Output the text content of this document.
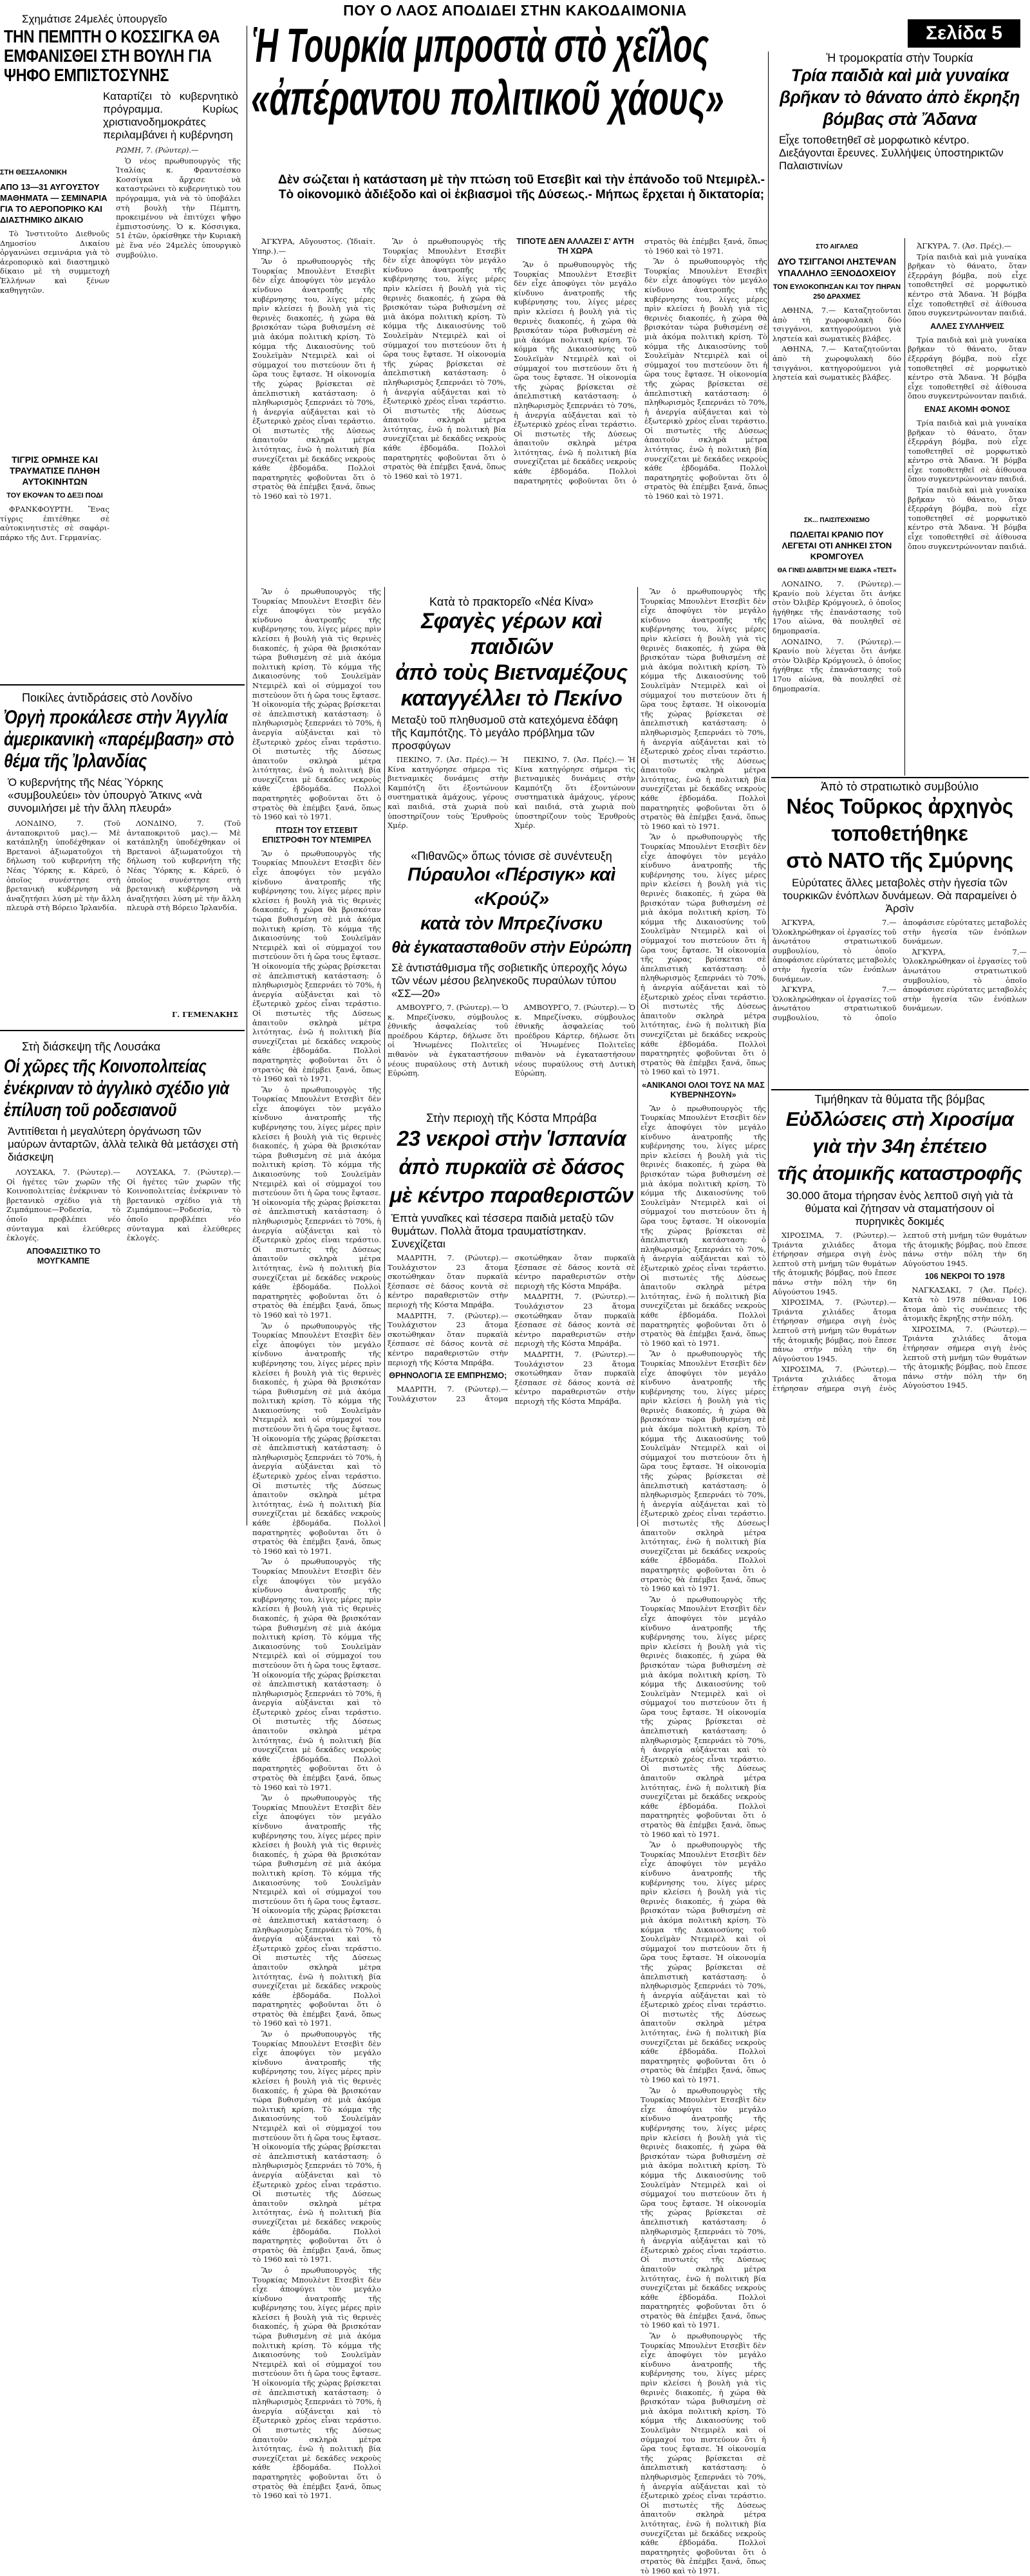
ΠΟΥ Ο ΛΑΟΣ ΑΠΟΔΙΔΕΙ ΣΤΗΝ ΚΑΚΟΔΑΙΜΟΝΙΑ
Σελίδα 5
Σχημάτισε 24μελές ὑπουργεῖο
ΤΗΝ ΠΕΜΠΤΗ Ο ΚΟΣΣΙΓΚΑ ΘΑ ΕΜΦΑΝΙΣΘΕΙ ΣΤΗ ΒΟΥΛΗ ΓΙΑ ΨΗΦΟ ΕΜΠΙΣΤΟΣΥΝΗΣ
Καταρτίζει τὸ κυβερνητικὸ πρόγραμμα. Κυρίως χριστιανοδημοκράτες περιλαμβάνει ἡ κυβέρνηση
ΡΩΜΗ, 7. (Ρώυτερ).—

Ὁ νέος πρωθυπουργὸς τῆς Ἰταλίας κ. Φραντσέσκο Κοσσίγκα ἄρχισε νὰ καταστρώνει τὸ κυβερνητικὸ του πρόγραμμα, γιὰ νὰ τὸ ὑποβάλει στὴ βουλὴ τὴν Πέμπτη, προκειμένου νὰ ἐπιτύχει ψῆφο ἐμπιστοσύνης. Ὁ κ. Κόσσιγκα, 51 ἐτῶν, ὁρκίσθηκε τὴν Κυριακὴ μὲ ἕνα νέο 24μελὲς ὑπουργικὸ συμβούλιο.

ΣΤΗ ΘΕΣΣΑΛΟΝΙΚΗ
ΑΠΟ 13—31 ΑΥΓΟΥΣΤΟΥ ΜΑΘΗΜΑΤΑ — ΣΕΜΙΝΑΡΙΑ ΓΙΑ ΤΟ ΑΕΡΟΠΟΡΙΚΟ ΚΑΙ ΔΙΑΣΤΗΜΙΚΟ ΔΙΚΑΙΟ

Τὸ Ἰνστιτοῦτο Διεθνοῦς Δημοσίου Δικαίου ὀργανώνει σεμινάρια γιὰ τὸ ἀεροπορικὸ καὶ διαστημικὸ δίκαιο μὲ τὴ συμμετοχὴ Ἑλλήνων καὶ ξένων καθηγητῶν.

ΤΙΓΡΙΣ ΟΡΜΗΣΕ ΚΑΙ ΤΡΑΥΜΑΤΙΣΕ ΠΛΗΘΗ ΑΥΤΟΚΙΝΗΤΩΝ
ΤΟΥ ΕΚΟΨΑΝ ΤΟ ΔΕΞΙ ΠΟΔΙ

ΦΡΑΝΚΦΟΥΡΤΗ. Ἕνας τίγρις ἐπιτέθηκε σὲ αὐτοκινητιστὲς σὲ σαφάρι-πάρκο τῆς Δυτ. Γερμανίας.

Ποικίλες ἀντιδράσεις στὸ Λονδίνο
Ὀργὴ προκάλεσε στὴν Ἀγγλία ἀμερικανικὴ «παρέμβαση» στὸ θέμα τῆς Ἰρλανδίας
Ὁ κυβερνήτης τῆς Νέας Ὑόρκης «συμβουλεύει» τὸν ὑπουργὸ Ἄτκινς «νὰ συνομιλήσει μὲ τὴν ἄλλη πλευρά»

ΛΟΝΔΙΝΟ, 7. (Τοῦ ἀνταποκριτοῦ μας).— Μὲ κατάπληξη ὑποδέχθηκαν οἱ Βρετανοὶ ἀξιωματοῦχοι τὴ δήλωση τοῦ κυβερνήτη τῆς Νέας Ὑόρκης κ. Κάρεϋ, ὁ ὁποῖος συνέστησε στὴ βρετανικὴ κυβέρνηση νὰ ἀναζητήσει λύση μὲ τὴν ἄλλη πλευρὰ στὴ Βόρειο Ἰρλανδία.

ΛΟΝΔΙΝΟ, 7. (Τοῦ ἀνταποκριτοῦ μας).— Μὲ κατάπληξη ὑποδέχθηκαν οἱ Βρετανοὶ ἀξιωματοῦχοι τὴ δήλωση τοῦ κυβερνήτη τῆς Νέας Ὑόρκης κ. Κάρεϋ, ὁ ὁποῖος συνέστησε στὴ βρετανικὴ κυβέρνηση νὰ ἀναζητήσει λύση μὲ τὴν ἄλλη πλευρὰ στὴ Βόρειο Ἰρλανδία.

Γ. ΓΕΜΕΝΑΚΗΣ
Στὴ διάσκεψη τῆς Λουσάκα
Οἱ χῶρες τῆς Κοινοπολιτείας ἐνέκριναν τὸ ἀγγλικὸ σχέδιο γιὰ ἐπίλυση τοῦ ροδεσιανοῦ
Ἀντιτίθεται ἡ μεγαλύτερη ὀργάνωση τῶν μαύρων ἀνταρτῶν, ἀλλὰ τελικὰ θὰ μετάσχει στὴ διάσκεψη

ΛΟΥΣΑΚΑ, 7. (Ρώυτερ).— Οἱ ἡγέτες τῶν χωρῶν τῆς Κοινοπολιτείας ἐνέκριναν τὸ βρετανικὸ σχέδιο γιὰ τὴ Ζιμπάμπουε—Ροδεσία, τὸ ὁποῖο προβλέπει νέο σύνταγμα καὶ ἐλεύθερες ἐκλογές.

ΑΠΟΦΑΣΙΣΤΙΚΟ ΤΟ ΜΟΥΓΚΑΜΠΕ

ΛΟΥΣΑΚΑ, 7. (Ρώυτερ).— Οἱ ἡγέτες τῶν χωρῶν τῆς Κοινοπολιτείας ἐνέκριναν τὸ βρετανικὸ σχέδιο γιὰ τὴ Ζιμπάμπουε—Ροδεσία, τὸ ὁποῖο προβλέπει νέο σύνταγμα καὶ ἐλεύθερες ἐκλογές.

Ἡ Τουρκία μπροστὰ στὸ χεῖλος
«ἀπέραντου πολιτικοῦ χάους»
Δὲν σώζεται ἡ κατάσταση μὲ τὴν πτώση τοῦ Ετσεβὶτ καὶ τὴν ἐπάνοδο τοῦ Ντεμιρὲλ.- Τὸ οἰκονομικὸ ἀδιέξοδο καὶ οἱ ἐκβιασμοὶ τῆς Δύσεως.- Μήπως ἔρχεται ἡ δικτατορία;

ἈΓΚΥΡΑ, Αὔγουστος. (Ἰδιαίτ. Υπηρ.).—

Ἂν ὁ πρωθυπουργὸς τῆς Τουρκίας Μπουλὲντ Ετσεβὶτ δὲν εἶχε ἀποφύγει τὸν μεγάλο κίνδυνο ἀνατροπῆς τῆς κυβέρνησης του, λίγες μέρες πρὶν κλείσει ἡ βουλὴ γιὰ τὶς θερινὲς διακοπές, ἡ χώρα θὰ βρισκόταν τώρα βυθισμένη σὲ μιὰ ἀκόμα πολιτικὴ κρίση. Τὸ κόμμα τῆς Δικαιοσύνης τοῦ Σουλεϊμὰν Ντεμιρὲλ καὶ οἱ σύμμαχοί του πιστεύουν ὅτι ἡ ὥρα τους ἔφτασε. Ἡ οἰκονομία τῆς χώρας βρίσκεται σὲ ἀπελπιστικὴ κατάσταση: ὁ πληθωρισμὸς ξεπερνάει τὸ 70%, ἡ ἀνεργία αὐξάνεται καὶ τὸ ἐξωτερικὸ χρέος εἶναι τεράστιο. Οἱ πιστωτὲς τῆς Δύσεως ἀπαιτοῦν σκληρὰ μέτρα λιτότητας, ἐνῶ ἡ πολιτικὴ βία συνεχίζεται μὲ δεκάδες νεκροὺς κάθε ἑβδομάδα. Πολλοὶ παρατηρητὲς φοβοῦνται ὅτι ὁ στρατὸς θὰ ἐπέμβει ξανά, ὅπως τὸ 1960 καὶ τὸ 1971.

Ἂν ὁ πρωθυπουργὸς τῆς Τουρκίας Μπουλὲντ Ετσεβὶτ δὲν εἶχε ἀποφύγει τὸν μεγάλο κίνδυνο ἀνατροπῆς τῆς κυβέρνησης του, λίγες μέρες πρὶν κλείσει ἡ βουλὴ γιὰ τὶς θερινὲς διακοπές, ἡ χώρα θὰ βρισκόταν τώρα βυθισμένη σὲ μιὰ ἀκόμα πολιτικὴ κρίση. Τὸ κόμμα τῆς Δικαιοσύνης τοῦ Σουλεϊμὰν Ντεμιρὲλ καὶ οἱ σύμμαχοί του πιστεύουν ὅτι ἡ ὥρα τους ἔφτασε. Ἡ οἰκονομία τῆς χώρας βρίσκεται σὲ ἀπελπιστικὴ κατάσταση: ὁ πληθωρισμὸς ξεπερνάει τὸ 70%, ἡ ἀνεργία αὐξάνεται καὶ τὸ ἐξωτερικὸ χρέος εἶναι τεράστιο. Οἱ πιστωτὲς τῆς Δύσεως ἀπαιτοῦν σκληρὰ μέτρα λιτότητας, ἐνῶ ἡ πολιτικὴ βία συνεχίζεται μὲ δεκάδες νεκροὺς κάθε ἑβδομάδα. Πολλοὶ παρατηρητὲς φοβοῦνται ὅτι ὁ στρατὸς θὰ ἐπέμβει ξανά, ὅπως τὸ 1960 καὶ τὸ 1971.

ΤΙΠΟΤΕ ΔΕΝ ΑΛΛΑΖΕΙ Σ' ΑΥΤΗ ΤΗ ΧΩΡΑ

Ἂν ὁ πρωθυπουργὸς τῆς Τουρκίας Μπουλὲντ Ετσεβὶτ δὲν εἶχε ἀποφύγει τὸν μεγάλο κίνδυνο ἀνατροπῆς τῆς κυβέρνησης του, λίγες μέρες πρὶν κλείσει ἡ βουλὴ γιὰ τὶς θερινὲς διακοπές, ἡ χώρα θὰ βρισκόταν τώρα βυθισμένη σὲ μιὰ ἀκόμα πολιτικὴ κρίση. Τὸ κόμμα τῆς Δικαιοσύνης τοῦ Σουλεϊμὰν Ντεμιρὲλ καὶ οἱ σύμμαχοί του πιστεύουν ὅτι ἡ ὥρα τους ἔφτασε. Ἡ οἰκονομία τῆς χώρας βρίσκεται σὲ ἀπελπιστικὴ κατάσταση: ὁ πληθωρισμὸς ξεπερνάει τὸ 70%, ἡ ἀνεργία αὐξάνεται καὶ τὸ ἐξωτερικὸ χρέος εἶναι τεράστιο. Οἱ πιστωτὲς τῆς Δύσεως ἀπαιτοῦν σκληρὰ μέτρα λιτότητας, ἐνῶ ἡ πολιτικὴ βία συνεχίζεται μὲ δεκάδες νεκροὺς κάθε ἑβδομάδα. Πολλοὶ παρατηρητὲς φοβοῦνται ὅτι ὁ στρατὸς θὰ ἐπέμβει ξανά, ὅπως τὸ 1960 καὶ τὸ 1971.

Ἂν ὁ πρωθυπουργὸς τῆς Τουρκίας Μπουλὲντ Ετσεβὶτ δὲν εἶχε ἀποφύγει τὸν μεγάλο κίνδυνο ἀνατροπῆς τῆς κυβέρνησης του, λίγες μέρες πρὶν κλείσει ἡ βουλὴ γιὰ τὶς θερινὲς διακοπές, ἡ χώρα θὰ βρισκόταν τώρα βυθισμένη σὲ μιὰ ἀκόμα πολιτικὴ κρίση. Τὸ κόμμα τῆς Δικαιοσύνης τοῦ Σουλεϊμὰν Ντεμιρὲλ καὶ οἱ σύμμαχοί του πιστεύουν ὅτι ἡ ὥρα τους ἔφτασε. Ἡ οἰκονομία τῆς χώρας βρίσκεται σὲ ἀπελπιστικὴ κατάσταση: ὁ πληθωρισμὸς ξεπερνάει τὸ 70%, ἡ ἀνεργία αὐξάνεται καὶ τὸ ἐξωτερικὸ χρέος εἶναι τεράστιο. Οἱ πιστωτὲς τῆς Δύσεως ἀπαιτοῦν σκληρὰ μέτρα λιτότητας, ἐνῶ ἡ πολιτικὴ βία συνεχίζεται μὲ δεκάδες νεκροὺς κάθε ἑβδομάδα. Πολλοὶ παρατηρητὲς φοβοῦνται ὅτι ὁ στρατὸς θὰ ἐπέμβει ξανά, ὅπως τὸ 1960 καὶ τὸ 1971.

Ἂν ὁ πρωθυπουργὸς τῆς Τουρκίας Μπουλὲντ Ετσεβὶτ δὲν εἶχε ἀποφύγει τὸν μεγάλο κίνδυνο ἀνατροπῆς τῆς κυβέρνησης του, λίγες μέρες πρὶν κλείσει ἡ βουλὴ γιὰ τὶς θερινὲς διακοπές, ἡ χώρα θὰ βρισκόταν τώρα βυθισμένη σὲ μιὰ ἀκόμα πολιτικὴ κρίση. Τὸ κόμμα τῆς Δικαιοσύνης τοῦ Σουλεϊμὰν Ντεμιρὲλ καὶ οἱ σύμμαχοί του πιστεύουν ὅτι ἡ ὥρα τους ἔφτασε. Ἡ οἰκονομία τῆς χώρας βρίσκεται σὲ ἀπελπιστικὴ κατάσταση: ὁ πληθωρισμὸς ξεπερνάει τὸ 70%, ἡ ἀνεργία αὐξάνεται καὶ τὸ ἐξωτερικὸ χρέος εἶναι τεράστιο. Οἱ πιστωτὲς τῆς Δύσεως ἀπαιτοῦν σκληρὰ μέτρα λιτότητας, ἐνῶ ἡ πολιτικὴ βία συνεχίζεται μὲ δεκάδες νεκροὺς κάθε ἑβδομάδα. Πολλοὶ παρατηρητὲς φοβοῦνται ὅτι ὁ στρατὸς θὰ ἐπέμβει ξανά, ὅπως τὸ 1960 καὶ τὸ 1971.

ΠΤΩΣΗ ΤΟΥ ΕΤΣΕΒΙΤ ΕΠΙΣΤΡΟΦΗ ΤΟΥ ΝΤΕΜΙΡΕΛ

Ἂν ὁ πρωθυπουργὸς τῆς Τουρκίας Μπουλὲντ Ετσεβὶτ δὲν εἶχε ἀποφύγει τὸν μεγάλο κίνδυνο ἀνατροπῆς τῆς κυβέρνησης του, λίγες μέρες πρὶν κλείσει ἡ βουλὴ γιὰ τὶς θερινὲς διακοπές, ἡ χώρα θὰ βρισκόταν τώρα βυθισμένη σὲ μιὰ ἀκόμα πολιτικὴ κρίση. Τὸ κόμμα τῆς Δικαιοσύνης τοῦ Σουλεϊμὰν Ντεμιρὲλ καὶ οἱ σύμμαχοί του πιστεύουν ὅτι ἡ ὥρα τους ἔφτασε. Ἡ οἰκονομία τῆς χώρας βρίσκεται σὲ ἀπελπιστικὴ κατάσταση: ὁ πληθωρισμὸς ξεπερνάει τὸ 70%, ἡ ἀνεργία αὐξάνεται καὶ τὸ ἐξωτερικὸ χρέος εἶναι τεράστιο. Οἱ πιστωτὲς τῆς Δύσεως ἀπαιτοῦν σκληρὰ μέτρα λιτότητας, ἐνῶ ἡ πολιτικὴ βία συνεχίζεται μὲ δεκάδες νεκροὺς κάθε ἑβδομάδα. Πολλοὶ παρατηρητὲς φοβοῦνται ὅτι ὁ στρατὸς θὰ ἐπέμβει ξανά, ὅπως τὸ 1960 καὶ τὸ 1971.

Ἂν ὁ πρωθυπουργὸς τῆς Τουρκίας Μπουλὲντ Ετσεβὶτ δὲν εἶχε ἀποφύγει τὸν μεγάλο κίνδυνο ἀνατροπῆς τῆς κυβέρνησης του, λίγες μέρες πρὶν κλείσει ἡ βουλὴ γιὰ τὶς θερινὲς διακοπές, ἡ χώρα θὰ βρισκόταν τώρα βυθισμένη σὲ μιὰ ἀκόμα πολιτικὴ κρίση. Τὸ κόμμα τῆς Δικαιοσύνης τοῦ Σουλεϊμὰν Ντεμιρὲλ καὶ οἱ σύμμαχοί του πιστεύουν ὅτι ἡ ὥρα τους ἔφτασε. Ἡ οἰκονομία τῆς χώρας βρίσκεται σὲ ἀπελπιστικὴ κατάσταση: ὁ πληθωρισμὸς ξεπερνάει τὸ 70%, ἡ ἀνεργία αὐξάνεται καὶ τὸ ἐξωτερικὸ χρέος εἶναι τεράστιο. Οἱ πιστωτὲς τῆς Δύσεως ἀπαιτοῦν σκληρὰ μέτρα λιτότητας, ἐνῶ ἡ πολιτικὴ βία συνεχίζεται μὲ δεκάδες νεκροὺς κάθε ἑβδομάδα. Πολλοὶ παρατηρητὲς φοβοῦνται ὅτι ὁ στρατὸς θὰ ἐπέμβει ξανά, ὅπως τὸ 1960 καὶ τὸ 1971.

Ἂν ὁ πρωθυπουργὸς τῆς Τουρκίας Μπουλὲντ Ετσεβὶτ δὲν εἶχε ἀποφύγει τὸν μεγάλο κίνδυνο ἀνατροπῆς τῆς κυβέρνησης του, λίγες μέρες πρὶν κλείσει ἡ βουλὴ γιὰ τὶς θερινὲς διακοπές, ἡ χώρα θὰ βρισκόταν τώρα βυθισμένη σὲ μιὰ ἀκόμα πολιτικὴ κρίση. Τὸ κόμμα τῆς Δικαιοσύνης τοῦ Σουλεϊμὰν Ντεμιρὲλ καὶ οἱ σύμμαχοί του πιστεύουν ὅτι ἡ ὥρα τους ἔφτασε. Ἡ οἰκονομία τῆς χώρας βρίσκεται σὲ ἀπελπιστικὴ κατάσταση: ὁ πληθωρισμὸς ξεπερνάει τὸ 70%, ἡ ἀνεργία αὐξάνεται καὶ τὸ ἐξωτερικὸ χρέος εἶναι τεράστιο. Οἱ πιστωτὲς τῆς Δύσεως ἀπαιτοῦν σκληρὰ μέτρα λιτότητας, ἐνῶ ἡ πολιτικὴ βία συνεχίζεται μὲ δεκάδες νεκροὺς κάθε ἑβδομάδα. Πολλοὶ παρατηρητὲς φοβοῦνται ὅτι ὁ στρατὸς θὰ ἐπέμβει ξανά, ὅπως τὸ 1960 καὶ τὸ 1971.

Ἂν ὁ πρωθυπουργὸς τῆς Τουρκίας Μπουλὲντ Ετσεβὶτ δὲν εἶχε ἀποφύγει τὸν μεγάλο κίνδυνο ἀνατροπῆς τῆς κυβέρνησης του, λίγες μέρες πρὶν κλείσει ἡ βουλὴ γιὰ τὶς θερινὲς διακοπές, ἡ χώρα θὰ βρισκόταν τώρα βυθισμένη σὲ μιὰ ἀκόμα πολιτικὴ κρίση. Τὸ κόμμα τῆς Δικαιοσύνης τοῦ Σουλεϊμὰν Ντεμιρὲλ καὶ οἱ σύμμαχοί του πιστεύουν ὅτι ἡ ὥρα τους ἔφτασε. Ἡ οἰκονομία τῆς χώρας βρίσκεται σὲ ἀπελπιστικὴ κατάσταση: ὁ πληθωρισμὸς ξεπερνάει τὸ 70%, ἡ ἀνεργία αὐξάνεται καὶ τὸ ἐξωτερικὸ χρέος εἶναι τεράστιο. Οἱ πιστωτὲς τῆς Δύσεως ἀπαιτοῦν σκληρὰ μέτρα λιτότητας, ἐνῶ ἡ πολιτικὴ βία συνεχίζεται μὲ δεκάδες νεκροὺς κάθε ἑβδομάδα. Πολλοὶ παρατηρητὲς φοβοῦνται ὅτι ὁ στρατὸς θὰ ἐπέμβει ξανά, ὅπως τὸ 1960 καὶ τὸ 1971.

Ἂν ὁ πρωθυπουργὸς τῆς Τουρκίας Μπουλὲντ Ετσεβὶτ δὲν εἶχε ἀποφύγει τὸν μεγάλο κίνδυνο ἀνατροπῆς τῆς κυβέρνησης του, λίγες μέρες πρὶν κλείσει ἡ βουλὴ γιὰ τὶς θερινὲς διακοπές, ἡ χώρα θὰ βρισκόταν τώρα βυθισμένη σὲ μιὰ ἀκόμα πολιτικὴ κρίση. Τὸ κόμμα τῆς Δικαιοσύνης τοῦ Σουλεϊμὰν Ντεμιρὲλ καὶ οἱ σύμμαχοί του πιστεύουν ὅτι ἡ ὥρα τους ἔφτασε. Ἡ οἰκονομία τῆς χώρας βρίσκεται σὲ ἀπελπιστικὴ κατάσταση: ὁ πληθωρισμὸς ξεπερνάει τὸ 70%, ἡ ἀνεργία αὐξάνεται καὶ τὸ ἐξωτερικὸ χρέος εἶναι τεράστιο. Οἱ πιστωτὲς τῆς Δύσεως ἀπαιτοῦν σκληρὰ μέτρα λιτότητας, ἐνῶ ἡ πολιτικὴ βία συνεχίζεται μὲ δεκάδες νεκροὺς κάθε ἑβδομάδα. Πολλοὶ παρατηρητὲς φοβοῦνται ὅτι ὁ στρατὸς θὰ ἐπέμβει ξανά, ὅπως τὸ 1960 καὶ τὸ 1971.

Ἂν ὁ πρωθυπουργὸς τῆς Τουρκίας Μπουλὲντ Ετσεβὶτ δὲν εἶχε ἀποφύγει τὸν μεγάλο κίνδυνο ἀνατροπῆς τῆς κυβέρνησης του, λίγες μέρες πρὶν κλείσει ἡ βουλὴ γιὰ τὶς θερινὲς διακοπές, ἡ χώρα θὰ βρισκόταν τώρα βυθισμένη σὲ μιὰ ἀκόμα πολιτικὴ κρίση. Τὸ κόμμα τῆς Δικαιοσύνης τοῦ Σουλεϊμὰν Ντεμιρὲλ καὶ οἱ σύμμαχοί του πιστεύουν ὅτι ἡ ὥρα τους ἔφτασε. Ἡ οἰκονομία τῆς χώρας βρίσκεται σὲ ἀπελπιστικὴ κατάσταση: ὁ πληθωρισμὸς ξεπερνάει τὸ 70%, ἡ ἀνεργία αὐξάνεται καὶ τὸ ἐξωτερικὸ χρέος εἶναι τεράστιο. Οἱ πιστωτὲς τῆς Δύσεως ἀπαιτοῦν σκληρὰ μέτρα λιτότητας, ἐνῶ ἡ πολιτικὴ βία συνεχίζεται μὲ δεκάδες νεκροὺς κάθε ἑβδομάδα. Πολλοὶ παρατηρητὲς φοβοῦνται ὅτι ὁ στρατὸς θὰ ἐπέμβει ξανά, ὅπως τὸ 1960 καὶ τὸ 1971.

Ἂν ὁ πρωθυπουργὸς τῆς Τουρκίας Μπουλὲντ Ετσεβὶτ δὲν εἶχε ἀποφύγει τὸν μεγάλο κίνδυνο ἀνατροπῆς τῆς κυβέρνησης του, λίγες μέρες πρὶν κλείσει ἡ βουλὴ γιὰ τὶς θερινὲς διακοπές, ἡ χώρα θὰ βρισκόταν τώρα βυθισμένη σὲ μιὰ ἀκόμα πολιτικὴ κρίση. Τὸ κόμμα τῆς Δικαιοσύνης τοῦ Σουλεϊμὰν Ντεμιρὲλ καὶ οἱ σύμμαχοί του πιστεύουν ὅτι ἡ ὥρα τους ἔφτασε. Ἡ οἰκονομία τῆς χώρας βρίσκεται σὲ ἀπελπιστικὴ κατάσταση: ὁ πληθωρισμὸς ξεπερνάει τὸ 70%, ἡ ἀνεργία αὐξάνεται καὶ τὸ ἐξωτερικὸ χρέος εἶναι τεράστιο. Οἱ πιστωτὲς τῆς Δύσεως ἀπαιτοῦν σκληρὰ μέτρα λιτότητας, ἐνῶ ἡ πολιτικὴ βία συνεχίζεται μὲ δεκάδες νεκροὺς κάθε ἑβδομάδα. Πολλοὶ παρατηρητὲς φοβοῦνται ὅτι ὁ στρατὸς θὰ ἐπέμβει ξανά, ὅπως τὸ 1960 καὶ τὸ 1971.

Ἂν ὁ πρωθυπουργὸς τῆς Τουρκίας Μπουλὲντ Ετσεβὶτ δὲν εἶχε ἀποφύγει τὸν μεγάλο κίνδυνο ἀνατροπῆς τῆς κυβέρνησης του, λίγες μέρες πρὶν κλείσει ἡ βουλὴ γιὰ τὶς θερινὲς διακοπές, ἡ χώρα θὰ βρισκόταν τώρα βυθισμένη σὲ μιὰ ἀκόμα πολιτικὴ κρίση. Τὸ κόμμα τῆς Δικαιοσύνης τοῦ Σουλεϊμὰν Ντεμιρὲλ καὶ οἱ σύμμαχοί του πιστεύουν ὅτι ἡ ὥρα τους ἔφτασε. Ἡ οἰκονομία τῆς χώρας βρίσκεται σὲ ἀπελπιστικὴ κατάσταση: ὁ πληθωρισμὸς ξεπερνάει τὸ 70%, ἡ ἀνεργία αὐξάνεται καὶ τὸ ἐξωτερικὸ χρέος εἶναι τεράστιο. Οἱ πιστωτὲς τῆς Δύσεως ἀπαιτοῦν σκληρὰ μέτρα λιτότητας, ἐνῶ ἡ πολιτικὴ βία συνεχίζεται μὲ δεκάδες νεκροὺς κάθε ἑβδομάδα. Πολλοὶ παρατηρητὲς φοβοῦνται ὅτι ὁ στρατὸς θὰ ἐπέμβει ξανά, ὅπως τὸ 1960 καὶ τὸ 1971.

Ἂν ὁ πρωθυπουργὸς τῆς Τουρκίας Μπουλὲντ Ετσεβὶτ δὲν εἶχε ἀποφύγει τὸν μεγάλο κίνδυνο ἀνατροπῆς τῆς κυβέρνησης του, λίγες μέρες πρὶν κλείσει ἡ βουλὴ γιὰ τὶς θερινὲς διακοπές, ἡ χώρα θὰ βρισκόταν τώρα βυθισμένη σὲ μιὰ ἀκόμα πολιτικὴ κρίση. Τὸ κόμμα τῆς Δικαιοσύνης τοῦ Σουλεϊμὰν Ντεμιρὲλ καὶ οἱ σύμμαχοί του πιστεύουν ὅτι ἡ ὥρα τους ἔφτασε. Ἡ οἰκονομία τῆς χώρας βρίσκεται σὲ ἀπελπιστικὴ κατάσταση: ὁ πληθωρισμὸς ξεπερνάει τὸ 70%, ἡ ἀνεργία αὐξάνεται καὶ τὸ ἐξωτερικὸ χρέος εἶναι τεράστιο. Οἱ πιστωτὲς τῆς Δύσεως ἀπαιτοῦν σκληρὰ μέτρα λιτότητας, ἐνῶ ἡ πολιτικὴ βία συνεχίζεται μὲ δεκάδες νεκροὺς κάθε ἑβδομάδα. Πολλοὶ παρατηρητὲς φοβοῦνται ὅτι ὁ στρατὸς θὰ ἐπέμβει ξανά, ὅπως τὸ 1960 καὶ τὸ 1971.

«ΑΝΙΚΑΝΟΙ ΟΛΟΙ ΤΟΥΣ ΝΑ ΜΑΣ ΚΥΒΕΡΝΗΣΟΥΝ»

Ἂν ὁ πρωθυπουργὸς τῆς Τουρκίας Μπουλὲντ Ετσεβὶτ δὲν εἶχε ἀποφύγει τὸν μεγάλο κίνδυνο ἀνατροπῆς τῆς κυβέρνησης του, λίγες μέρες πρὶν κλείσει ἡ βουλὴ γιὰ τὶς θερινὲς διακοπές, ἡ χώρα θὰ βρισκόταν τώρα βυθισμένη σὲ μιὰ ἀκόμα πολιτικὴ κρίση. Τὸ κόμμα τῆς Δικαιοσύνης τοῦ Σουλεϊμὰν Ντεμιρὲλ καὶ οἱ σύμμαχοί του πιστεύουν ὅτι ἡ ὥρα τους ἔφτασε. Ἡ οἰκονομία τῆς χώρας βρίσκεται σὲ ἀπελπιστικὴ κατάσταση: ὁ πληθωρισμὸς ξεπερνάει τὸ 70%, ἡ ἀνεργία αὐξάνεται καὶ τὸ ἐξωτερικὸ χρέος εἶναι τεράστιο. Οἱ πιστωτὲς τῆς Δύσεως ἀπαιτοῦν σκληρὰ μέτρα λιτότητας, ἐνῶ ἡ πολιτικὴ βία συνεχίζεται μὲ δεκάδες νεκροὺς κάθε ἑβδομάδα. Πολλοὶ παρατηρητὲς φοβοῦνται ὅτι ὁ στρατὸς θὰ ἐπέμβει ξανά, ὅπως τὸ 1960 καὶ τὸ 1971.

Ἂν ὁ πρωθυπουργὸς τῆς Τουρκίας Μπουλὲντ Ετσεβὶτ δὲν εἶχε ἀποφύγει τὸν μεγάλο κίνδυνο ἀνατροπῆς τῆς κυβέρνησης του, λίγες μέρες πρὶν κλείσει ἡ βουλὴ γιὰ τὶς θερινὲς διακοπές, ἡ χώρα θὰ βρισκόταν τώρα βυθισμένη σὲ μιὰ ἀκόμα πολιτικὴ κρίση. Τὸ κόμμα τῆς Δικαιοσύνης τοῦ Σουλεϊμὰν Ντεμιρὲλ καὶ οἱ σύμμαχοί του πιστεύουν ὅτι ἡ ὥρα τους ἔφτασε. Ἡ οἰκονομία τῆς χώρας βρίσκεται σὲ ἀπελπιστικὴ κατάσταση: ὁ πληθωρισμὸς ξεπερνάει τὸ 70%, ἡ ἀνεργία αὐξάνεται καὶ τὸ ἐξωτερικὸ χρέος εἶναι τεράστιο. Οἱ πιστωτὲς τῆς Δύσεως ἀπαιτοῦν σκληρὰ μέτρα λιτότητας, ἐνῶ ἡ πολιτικὴ βία συνεχίζεται μὲ δεκάδες νεκροὺς κάθε ἑβδομάδα. Πολλοὶ παρατηρητὲς φοβοῦνται ὅτι ὁ στρατὸς θὰ ἐπέμβει ξανά, ὅπως τὸ 1960 καὶ τὸ 1971.

Ἂν ὁ πρωθυπουργὸς τῆς Τουρκίας Μπουλὲντ Ετσεβὶτ δὲν εἶχε ἀποφύγει τὸν μεγάλο κίνδυνο ἀνατροπῆς τῆς κυβέρνησης του, λίγες μέρες πρὶν κλείσει ἡ βουλὴ γιὰ τὶς θερινὲς διακοπές, ἡ χώρα θὰ βρισκόταν τώρα βυθισμένη σὲ μιὰ ἀκόμα πολιτικὴ κρίση. Τὸ κόμμα τῆς Δικαιοσύνης τοῦ Σουλεϊμὰν Ντεμιρὲλ καὶ οἱ σύμμαχοί του πιστεύουν ὅτι ἡ ὥρα τους ἔφτασε. Ἡ οἰκονομία τῆς χώρας βρίσκεται σὲ ἀπελπιστικὴ κατάσταση: ὁ πληθωρισμὸς ξεπερνάει τὸ 70%, ἡ ἀνεργία αὐξάνεται καὶ τὸ ἐξωτερικὸ χρέος εἶναι τεράστιο. Οἱ πιστωτὲς τῆς Δύσεως ἀπαιτοῦν σκληρὰ μέτρα λιτότητας, ἐνῶ ἡ πολιτικὴ βία συνεχίζεται μὲ δεκάδες νεκροὺς κάθε ἑβδομάδα. Πολλοὶ παρατηρητὲς φοβοῦνται ὅτι ὁ στρατὸς θὰ ἐπέμβει ξανά, ὅπως τὸ 1960 καὶ τὸ 1971.

Ἂν ὁ πρωθυπουργὸς τῆς Τουρκίας Μπουλὲντ Ετσεβὶτ δὲν εἶχε ἀποφύγει τὸν μεγάλο κίνδυνο ἀνατροπῆς τῆς κυβέρνησης του, λίγες μέρες πρὶν κλείσει ἡ βουλὴ γιὰ τὶς θερινὲς διακοπές, ἡ χώρα θὰ βρισκόταν τώρα βυθισμένη σὲ μιὰ ἀκόμα πολιτικὴ κρίση. Τὸ κόμμα τῆς Δικαιοσύνης τοῦ Σουλεϊμὰν Ντεμιρὲλ καὶ οἱ σύμμαχοί του πιστεύουν ὅτι ἡ ὥρα τους ἔφτασε. Ἡ οἰκονομία τῆς χώρας βρίσκεται σὲ ἀπελπιστικὴ κατάσταση: ὁ πληθωρισμὸς ξεπερνάει τὸ 70%, ἡ ἀνεργία αὐξάνεται καὶ τὸ ἐξωτερικὸ χρέος εἶναι τεράστιο. Οἱ πιστωτὲς τῆς Δύσεως ἀπαιτοῦν σκληρὰ μέτρα λιτότητας, ἐνῶ ἡ πολιτικὴ βία συνεχίζεται μὲ δεκάδες νεκροὺς κάθε ἑβδομάδα. Πολλοὶ παρατηρητὲς φοβοῦνται ὅτι ὁ στρατὸς θὰ ἐπέμβει ξανά, ὅπως τὸ 1960 καὶ τὸ 1971.

Ἂν ὁ πρωθυπουργὸς τῆς Τουρκίας Μπουλὲντ Ετσεβὶτ δὲν εἶχε ἀποφύγει τὸν μεγάλο κίνδυνο ἀνατροπῆς τῆς κυβέρνησης του, λίγες μέρες πρὶν κλείσει ἡ βουλὴ γιὰ τὶς θερινὲς διακοπές, ἡ χώρα θὰ βρισκόταν τώρα βυθισμένη σὲ μιὰ ἀκόμα πολιτικὴ κρίση. Τὸ κόμμα τῆς Δικαιοσύνης τοῦ Σουλεϊμὰν Ντεμιρὲλ καὶ οἱ σύμμαχοί του πιστεύουν ὅτι ἡ ὥρα τους ἔφτασε. Ἡ οἰκονομία τῆς χώρας βρίσκεται σὲ ἀπελπιστικὴ κατάσταση: ὁ πληθωρισμὸς ξεπερνάει τὸ 70%, ἡ ἀνεργία αὐξάνεται καὶ τὸ ἐξωτερικὸ χρέος εἶναι τεράστιο. Οἱ πιστωτὲς τῆς Δύσεως ἀπαιτοῦν σκληρὰ μέτρα λιτότητας, ἐνῶ ἡ πολιτικὴ βία συνεχίζεται μὲ δεκάδες νεκροὺς κάθε ἑβδομάδα. Πολλοὶ παρατηρητὲς φοβοῦνται ὅτι ὁ στρατὸς θὰ ἐπέμβει ξανά, ὅπως τὸ 1960 καὶ τὸ 1971.

Ἂν ὁ πρωθυπουργὸς τῆς Τουρκίας Μπουλὲντ Ετσεβὶτ δὲν εἶχε ἀποφύγει τὸν μεγάλο κίνδυνο ἀνατροπῆς τῆς κυβέρνησης του, λίγες μέρες πρὶν κλείσει ἡ βουλὴ γιὰ τὶς θερινὲς διακοπές, ἡ χώρα θὰ βρισκόταν τώρα βυθισμένη σὲ μιὰ ἀκόμα πολιτικὴ κρίση. Τὸ κόμμα τῆς Δικαιοσύνης τοῦ Σουλεϊμὰν Ντεμιρὲλ καὶ οἱ σύμμαχοί του πιστεύουν ὅτι ἡ ὥρα τους ἔφτασε. Ἡ οἰκονομία τῆς χώρας βρίσκεται σὲ ἀπελπιστικὴ κατάσταση: ὁ πληθωρισμὸς ξεπερνάει τὸ 70%, ἡ ἀνεργία αὐξάνεται καὶ τὸ ἐξωτερικὸ χρέος εἶναι τεράστιο. Οἱ πιστωτὲς τῆς Δύσεως ἀπαιτοῦν σκληρὰ μέτρα λιτότητας, ἐνῶ ἡ πολιτικὴ βία συνεχίζεται μὲ δεκάδες νεκροὺς κάθε ἑβδομάδα. Πολλοὶ παρατηρητὲς φοβοῦνται ὅτι ὁ στρατὸς θὰ ἐπέμβει ξανά, ὅπως τὸ 1960 καὶ τὸ 1971.

Κατὰ τὸ πρακτορεῖο «Νέα Κίνα»
Σφαγὲς γέρων καὶ παιδιῶν
ἀπὸ τοὺς Βιετναμέζους
καταγγέλλει τὸ Πεκίνο
Μεταξὺ τοῦ πληθυσμοῦ στὰ κατεχόμενα ἐδάφη τῆς Καμπότζης. Τὸ μεγάλο πρόβλημα τῶν προσφύγων

ΠΕΚΙΝΟ, 7. (Ἀσ. Πρές).— Ἡ Κίνα κατηγόρησε σήμερα τὶς βιετναμικὲς δυνάμεις στὴν Καμπότζη ὅτι ἐξοντώνουν συστηματικὰ ἀμάχους, γέρους καὶ παιδιά, στὰ χωριὰ ποὺ ὑποστηρίζουν τοὺς Ἐρυθροὺς Χμέρ.

ΠΕΚΙΝΟ, 7. (Ἀσ. Πρές).— Ἡ Κίνα κατηγόρησε σήμερα τὶς βιετναμικὲς δυνάμεις στὴν Καμπότζη ὅτι ἐξοντώνουν συστηματικὰ ἀμάχους, γέρους καὶ παιδιά, στὰ χωριὰ ποὺ ὑποστηρίζουν τοὺς Ἐρυθροὺς Χμέρ.

«Πιθανῶς» ὅπως τόνισε σὲ συνέντευξη
Πύραυλοι «Πέρσιγκ» καὶ «Κρούζ»
κατὰ τὸν Μπρεζίνσκυ
θὰ ἐγκατασταθοῦν στὴν Εὐρώπη
Σὲ ἀντιστάθμισμα τῆς σοβιετικῆς ὑπεροχῆς λόγω τῶν νέων μέσου βεληνεκοῦς πυραύλων τύπου «ΣΣ—20»

ΑΜΒΟΥΡΓΟ, 7. (Ρώυτερ).— Ὁ κ. Μπρεζίνσκυ, σύμβουλος ἐθνικῆς ἀσφαλείας τοῦ προέδρου Κάρτερ, δήλωσε ὅτι οἱ Ἡνωμένες Πολιτεῖες πιθανὸν νὰ ἐγκαταστήσουν νέους πυραύλους στὴ Δυτικὴ Εὐρώπη.

ΑΜΒΟΥΡΓΟ, 7. (Ρώυτερ).— Ὁ κ. Μπρεζίνσκυ, σύμβουλος ἐθνικῆς ἀσφαλείας τοῦ προέδρου Κάρτερ, δήλωσε ὅτι οἱ Ἡνωμένες Πολιτεῖες πιθανὸν νὰ ἐγκαταστήσουν νέους πυραύλους στὴ Δυτικὴ Εὐρώπη.

Στὴν περιοχὴ τῆς Κόστα Μπράβα
23 νεκροὶ στὴν Ἱσπανία
ἀπὸ πυρκαϊὰ σὲ δάσος
μὲ κέντρο παραθεριστῶν
Ἑπτὰ γυναῖκες καὶ τέσσερα παιδιὰ μεταξὺ τῶν θυμάτων. Πολλὰ ἄτομα τραυματίστηκαν. Συνεχίζεται

ΜΑΔΡΙΤΗ, 7. (Ρώυτερ).— Τουλάχιστον 23 ἄτομα σκοτώθηκαν ὅταν πυρκαϊὰ ξέσπασε σὲ δάσος κοντὰ σὲ κέντρο παραθεριστῶν στὴν περιοχὴ τῆς Κόστα Μπράβα.

ΜΑΔΡΙΤΗ, 7. (Ρώυτερ).— Τουλάχιστον 23 ἄτομα σκοτώθηκαν ὅταν πυρκαϊὰ ξέσπασε σὲ δάσος κοντὰ σὲ κέντρο παραθεριστῶν στὴν περιοχὴ τῆς Κόστα Μπράβα.

ΘΡΗΝΟΛΟΓΙΑ ΣΕ ΕΜΠΡΗΣΜΟ;

ΜΑΔΡΙΤΗ, 7. (Ρώυτερ).— Τουλάχιστον 23 ἄτομα σκοτώθηκαν ὅταν πυρκαϊὰ ξέσπασε σὲ δάσος κοντὰ σὲ κέντρο παραθεριστῶν στὴν περιοχὴ τῆς Κόστα Μπράβα.

ΜΑΔΡΙΤΗ, 7. (Ρώυτερ).— Τουλάχιστον 23 ἄτομα σκοτώθηκαν ὅταν πυρκαϊὰ ξέσπασε σὲ δάσος κοντὰ σὲ κέντρο παραθεριστῶν στὴν περιοχὴ τῆς Κόστα Μπράβα.

ΜΑΔΡΙΤΗ, 7. (Ρώυτερ).— Τουλάχιστον 23 ἄτομα σκοτώθηκαν ὅταν πυρκαϊὰ ξέσπασε σὲ δάσος κοντὰ σὲ κέντρο παραθεριστῶν στὴν περιοχὴ τῆς Κόστα Μπράβα.

Ἡ τρομοκρατία στὴν Τουρκία
Τρία παιδιὰ καὶ μιὰ γυναίκα βρῆκαν τὸ θάνατο ἀπὸ ἔκρηξη βόμβας στὰ Ἄδανα
Εἶχε τοποθετηθεῖ σὲ μορφωτικὸ κέντρο. Διεξάγονται ἔρευνες. Συλλήψεις ὑποστηρικτῶν Παλαιστινίων
ΣΤΟ ΑΙΓΑΛΕΩ
ΔΥΟ ΤΣΙΓΓΑΝΟΙ ΛΗΣΤΕΨΑΝ ΥΠΑΛΛΗΛΟ ΞΕΝΟΔΟΧΕΙΟΥ
ΤΟΝ ΕΥΛΟΚΟΠΗΣΑΝ ΚΑΙ ΤΟΥ ΠΗΡΑΝ 250 ΔΡΑΧΜΕΣ

ΑΘΗΝΑ, 7.— Καταζητοῦνται ἀπὸ τὴ χωροφυλακὴ δύο τσιγγάνοι, κατηγορούμενοι γιὰ ληστεία καὶ σωματικὲς βλάβες.

ΑΘΗΝΑ, 7.— Καταζητοῦνται ἀπὸ τὴ χωροφυλακὴ δύο τσιγγάνοι, κατηγορούμενοι γιὰ ληστεία καὶ σωματικὲς βλάβες.

ΣΚ... ΠΑΙΣΙΤΕΧΝΙΣΜΟ
ΠΩΛΕΙΤΑΙ ΚΡΑΝΙΟ ΠΟΥ ΛΕΓΕΤΑΙ ΟΤΙ ΑΝΗΚΕΙ ΣΤΟΝ ΚΡΟΜΓΟΥΕΛ
ΘΑ ΓΙΝΕΙ ΔΙΑΒΙΤΣΗ ΜΕ ΕΙΔΙΚΑ «ΤΕΣΤ»

ΛΟΝΔΙΝΟ, 7. (Ρώυτερ).— Κρανίο ποὺ λέγεται ὅτι ἀνήκε στὸν Ὀλιβὲρ Κρόμγουελ, ὁ ὁποῖος ἡγήθηκε τῆς ἐπανάστασης τοῦ 17ου αἰώνα, θὰ πουληθεῖ σὲ δημοπρασία.

ΛΟΝΔΙΝΟ, 7. (Ρώυτερ).— Κρανίο ποὺ λέγεται ὅτι ἀνήκε στὸν Ὀλιβὲρ Κρόμγουελ, ὁ ὁποῖος ἡγήθηκε τῆς ἐπανάστασης τοῦ 17ου αἰώνα, θὰ πουληθεῖ σὲ δημοπρασία.

ἈΓΚΥΡΑ, 7. (Ἀσ. Πρές).—

Τρία παιδιὰ καὶ μιὰ γυναίκα βρῆκαν τὸ θάνατο, ὅταν ἐξερράγη βόμβα, ποὺ εἶχε τοποθετηθεῖ σὲ μορφωτικὸ κέντρο στὰ Ἄδανα. Ἡ βόμβα εἶχε τοποθετηθεῖ σὲ ἀίθουσα ὅπου συγκεντρώνονταν παιδιά.

ΑΛΛΕΣ ΣΥΛΛΗΨΕΙΣ

Τρία παιδιὰ καὶ μιὰ γυναίκα βρῆκαν τὸ θάνατο, ὅταν ἐξερράγη βόμβα, ποὺ εἶχε τοποθετηθεῖ σὲ μορφωτικὸ κέντρο στὰ Ἄδανα. Ἡ βόμβα εἶχε τοποθετηθεῖ σὲ ἀίθουσα ὅπου συγκεντρώνονταν παιδιά.

ΕΝΑΣ ΑΚΟΜΗ ΦΟΝΟΣ

Τρία παιδιὰ καὶ μιὰ γυναίκα βρῆκαν τὸ θάνατο, ὅταν ἐξερράγη βόμβα, ποὺ εἶχε τοποθετηθεῖ σὲ μορφωτικὸ κέντρο στὰ Ἄδανα. Ἡ βόμβα εἶχε τοποθετηθεῖ σὲ ἀίθουσα ὅπου συγκεντρώνονταν παιδιά.

Τρία παιδιὰ καὶ μιὰ γυναίκα βρῆκαν τὸ θάνατο, ὅταν ἐξερράγη βόμβα, ποὺ εἶχε τοποθετηθεῖ σὲ μορφωτικὸ κέντρο στὰ Ἄδανα. Ἡ βόμβα εἶχε τοποθετηθεῖ σὲ ἀίθουσα ὅπου συγκεντρώνονταν παιδιά.

Ἀπὸ τὸ στρατιωτικὸ συμβούλιο
Νέος Τοῦρκος ἀρχηγὸς
τοποθετήθηκε
στὸ ΝΑΤΟ τῆς Σμύρνης
Εὐρύτατες ἄλλες μεταβολὲς στὴν ἡγεσία τῶν τουρκικῶν ἐνόπλων δυνάμεων. Θὰ παραμείνει ὁ Ἀρσὶν

ἈΓΚΥΡΑ, 7.— Ὁλοκληρώθηκαν οἱ ἐργασίες τοῦ ἀνωτάτου στρατιωτικοῦ συμβουλίου, τὸ ὁποῖο ἀποφάσισε εὐρύτατες μεταβολὲς στὴν ἡγεσία τῶν ἐνόπλων δυνάμεων.

ἈΓΚΥΡΑ, 7.— Ὁλοκληρώθηκαν οἱ ἐργασίες τοῦ ἀνωτάτου στρατιωτικοῦ συμβουλίου, τὸ ὁποῖο ἀποφάσισε εὐρύτατες μεταβολὲς στὴν ἡγεσία τῶν ἐνόπλων δυνάμεων.

ἈΓΚΥΡΑ, 7.— Ὁλοκληρώθηκαν οἱ ἐργασίες τοῦ ἀνωτάτου στρατιωτικοῦ συμβουλίου, τὸ ὁποῖο ἀποφάσισε εὐρύτατες μεταβολὲς στὴν ἡγεσία τῶν ἐνόπλων δυνάμεων.

Τιμήθηκαν τὰ θύματα τῆς βόμβας
Εὐδλώσεις στὴ Χιροσίμα
γιὰ τὴν 34η ἐπέτειο
τῆς ἀτομικῆς καταστροφῆς
30.000 ἄτομα τήρησαν ἑνὸς λεπτοῦ σιγὴ γιὰ τὰ θύματα καὶ ζήτησαν νὰ σταματήσουν οἱ πυρηνικὲς δοκιμές

ΧΙΡΟΣΙΜΑ, 7. (Ρώυτερ).— Τριάντα χιλιάδες ἄτομα ἐτήρησαν σήμερα σιγὴ ἑνὸς λεπτοῦ στὴ μνήμη τῶν θυμάτων τῆς ἀτομικῆς βόμβας, ποὺ ἔπεσε πάνω στὴν πόλη τὴν 6η Αὐγούστου 1945.

ΧΙΡΟΣΙΜΑ, 7. (Ρώυτερ).— Τριάντα χιλιάδες ἄτομα ἐτήρησαν σήμερα σιγὴ ἑνὸς λεπτοῦ στὴ μνήμη τῶν θυμάτων τῆς ἀτομικῆς βόμβας, ποὺ ἔπεσε πάνω στὴν πόλη τὴν 6η Αὐγούστου 1945.

ΧΙΡΟΣΙΜΑ, 7. (Ρώυτερ).— Τριάντα χιλιάδες ἄτομα ἐτήρησαν σήμερα σιγὴ ἑνὸς λεπτοῦ στὴ μνήμη τῶν θυμάτων τῆς ἀτομικῆς βόμβας, ποὺ ἔπεσε πάνω στὴν πόλη τὴν 6η Αὐγούστου 1945.

106 ΝΕΚΡΟΙ ΤΟ 1978

ΝΑΓΚΑΣΑΚΙ, 7 (Ἀσ. Πρές). Κατὰ τὸ 1978 πέθαναν 106 ἄτομα ἀπὸ τὶς συνέπειες τῆς ἀτομικῆς ἔκρηξης στὴν πόλη.

ΧΙΡΟΣΙΜΑ, 7. (Ρώυτερ).— Τριάντα χιλιάδες ἄτομα ἐτήρησαν σήμερα σιγὴ ἑνὸς λεπτοῦ στὴ μνήμη τῶν θυμάτων τῆς ἀτομικῆς βόμβας, ποὺ ἔπεσε πάνω στὴν πόλη τὴν 6η Αὐγούστου 1945.
